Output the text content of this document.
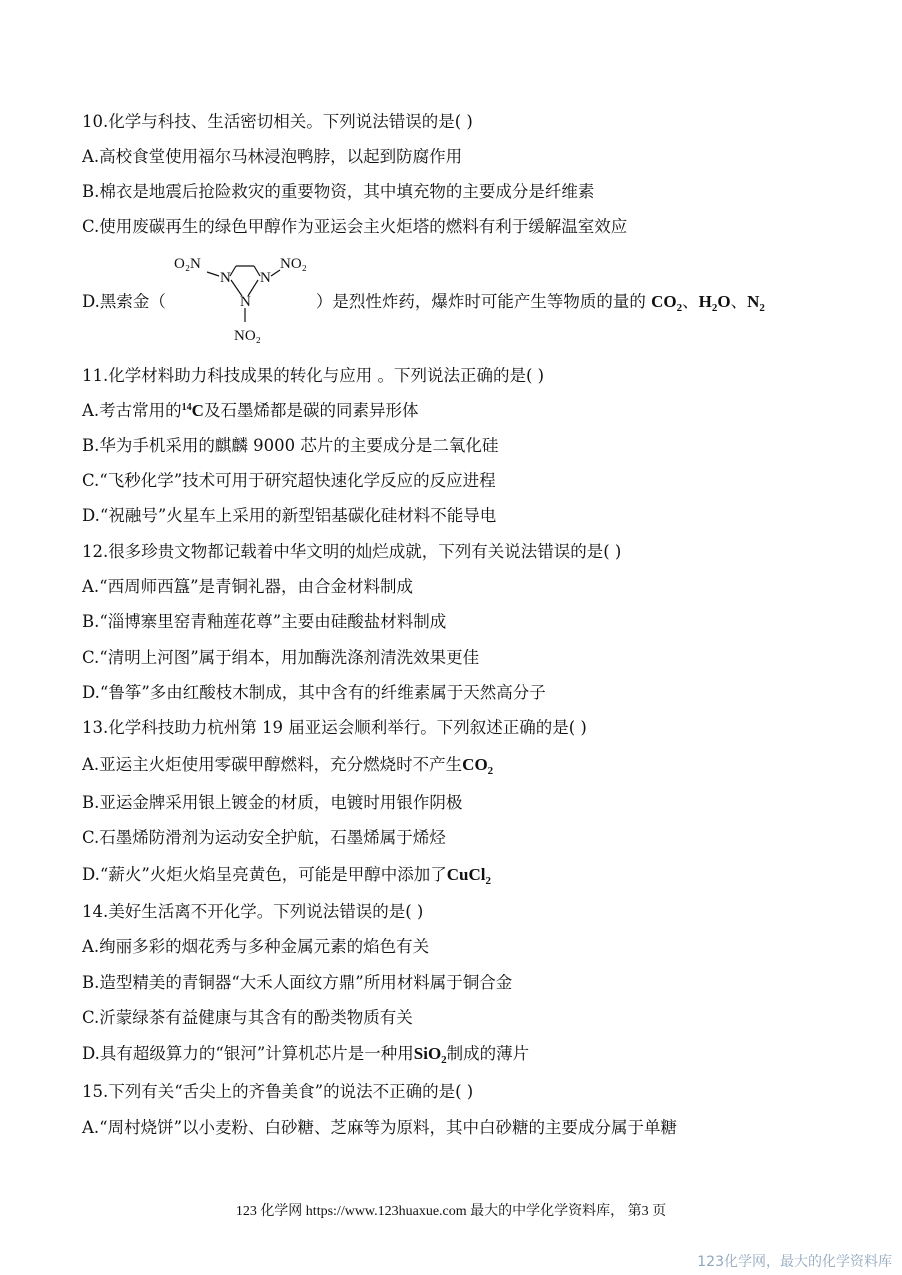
10.化学与科技、生活密切相关。下列说法错误的是( )
A.高校食堂使用福尔马林浸泡鸭脖，以起到防腐作用
B.棉衣是地震后抢险救灾的重要物资，其中填充物的主要成分是纤维素
C.使用废碳再生的绿色甲醇作为亚运会主火炬塔的燃料有利于缓解温室效应
O₂N
N N
N
NO₂
NO₂
D.黑索金（	）是烈性炸药，爆炸时可能产生等物质的量的 $CO_2$、$H_2O$、$N_2$
11.化学材料助力科技成果的转化与应用 。下列说法正确的是( )
A.考古常用的$^{14}$C及石墨烯都是碳的同素异形体
B.华为手机采用的麒麟 9000 芯片的主要成分是二氧化硅
C.“飞秒化学”技术可用于研究超快速化学反应的反应进程
D.“祝融号”火星车上采用的新型铝基碳化硅材料不能导电
12.很多珍贵文物都记载着中华文明的灿烂成就，下列有关说法错误的是( )
A.“西周师西簋”是青铜礼器，由合金材料制成
B.“淄博寨里窑青釉莲花尊”主要由硅酸盐材料制成
C.“清明上河图”属于绢本，用加酶洗涤剂清洗效果更佳
D.“鲁筝”多由红酸枝木制成，其中含有的纤维素属于天然高分子
13.化学科技助力杭州第 19 届亚运会顺利举行。下列叙述正确的是( )
A.亚运主火炬使用零碳甲醇燃料，充分燃烧时不产生$CO_2$
B.亚运金牌采用银上镀金的材质，电镀时用银作阴极
C.石墨烯防滑剂为运动安全护航，石墨烯属于烯烃
D.“薪火”火炬火焰呈亮黄色，可能是甲醇中添加了CuCl$_2$
14.美好生活离不开化学。下列说法错误的是( )
A.绚丽多彩的烟花秀与多种金属元素的焰色有关
B.造型精美的青铜器“大禾人面纹方鼎”所用材料属于铜合金
C.沂蒙绿茶有益健康与其含有的酚类物质有关
D.具有超级算力的“银河”计算机芯片是一种用SiO$_2$制成的薄片
15.下列有关“舌尖上的齐鲁美食”的说法不正确的是( )
A.“周村烧饼”以小麦粉、白砂糖、芝麻等为原料，其中白砂糖的主要成分属于单糖
123 化学网 https://www.123huaxue.com 最大的中学化学资料库， 第3 页
123化学网，最大的化学资料库
